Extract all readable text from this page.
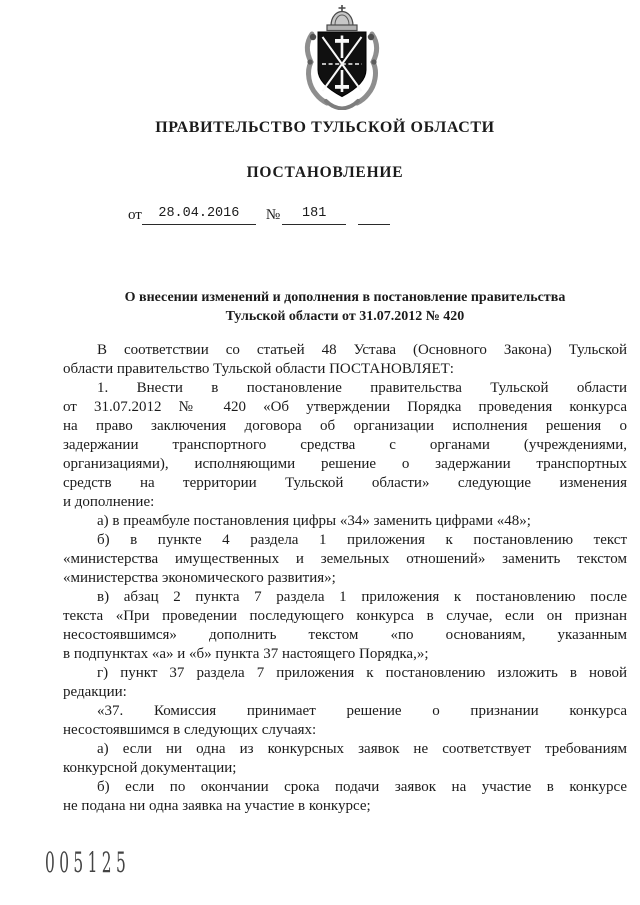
ПРАВИТЕЛЬСТВО ТУЛЬСКОЙ ОБЛАСТИ
ПОСТАНОВЛЕНИЕ
от 28.04.2016 № 181
О внесении изменений и дополнения в постановление правительства
Тульской области от 31.07.2012 № 420
В соответствии со статьей 48 Устава (Основного Закона) Тульской
области правительство Тульской области ПОСТАНОВЛЯЕТ:
1. Внести в постановление правительства Тульской области
от 31.07.2012 № 420 «Об утверждении Порядка проведения конкурса
на право заключения договора об организации исполнения решения о
задержании транспортного средства с органами (учреждениями,
организациями), исполняющими решение о задержании транспортных
средств на территории Тульской области» следующие изменения
и дополнение:
а) в преамбуле постановления цифры «34» заменить цифрами «48»;
б) в пункте 4 раздела 1 приложения к постановлению текст
«министерства имущественных и земельных отношений» заменить текстом
«министерства экономического развития»;
в) абзац 2 пункта 7 раздела 1 приложения к постановлению после
текста «При проведении последующего конкурса в случае, если он признан
несостоявшимся» дополнить текстом «по основаниям, указанным
в подпунктах «а» и «б» пункта 37 настоящего Порядка,»;
г) пункт 37 раздела 7 приложения к постановлению изложить в новой
редакции:
«37. Комиссия принимает решение о признании конкурса
несостоявшимся в следующих случаях:
а) если ни одна из конкурсных заявок не соответствует требованиям
конкурсной документации;
б) если по окончании срока подачи заявок на участие в конкурсе
не подана ни одна заявка на участие в конкурсе;
005125
